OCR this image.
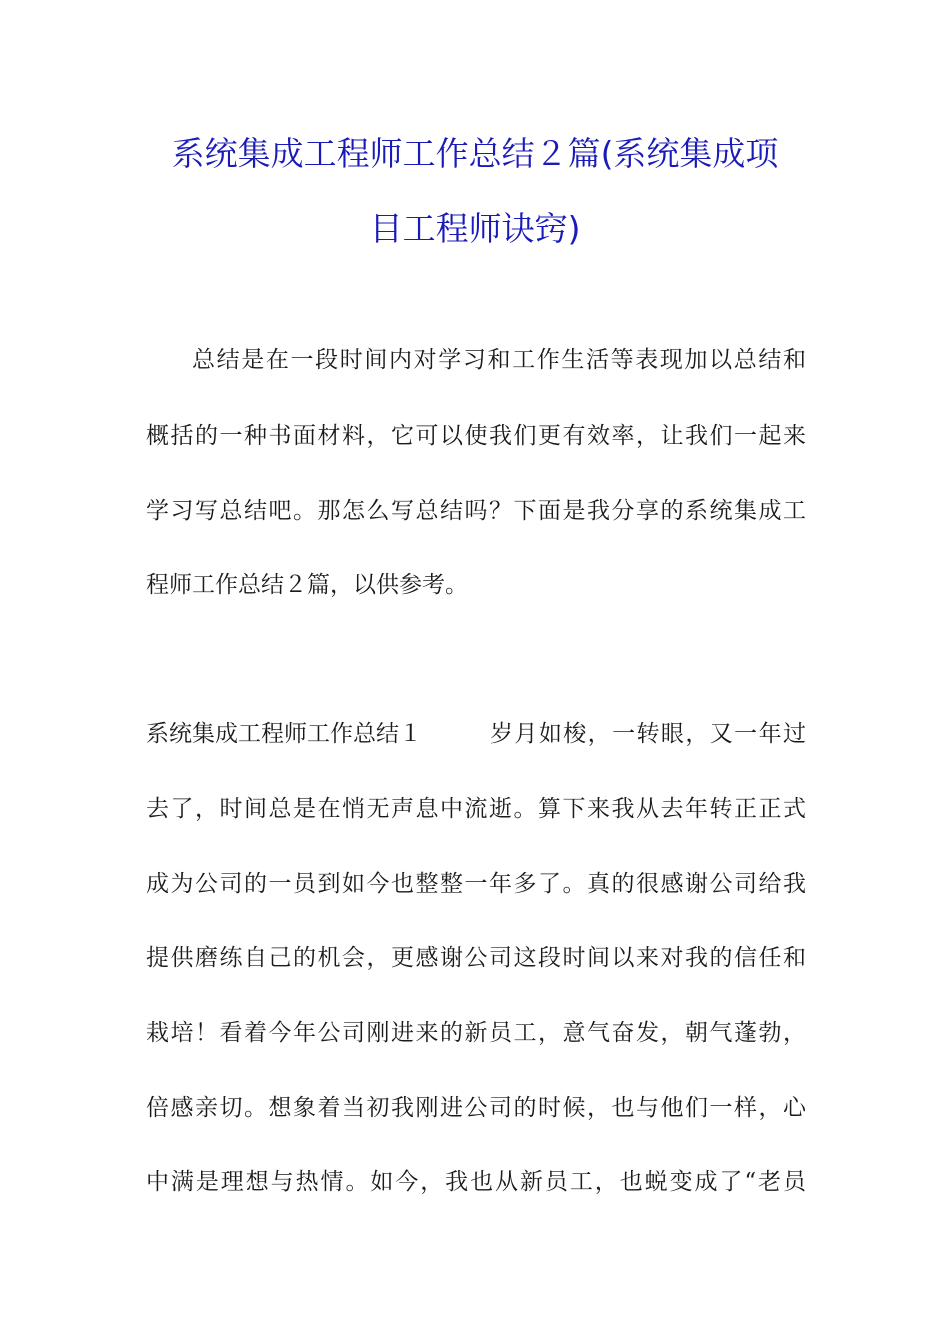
系统集成工程师工作总结２篇(系统集成项
目工程师诀窍)
总结是在一段时间内对学习和工作生活等表现加以总结和
概括的一种书面材料，它可以使我们更有效率，让我们一起来
学习写总结吧。那怎么写总结吗？下面是我分享的系统集成工
程师工作总结２篇，以供参考。
系统集成工程师工作总结１	岁月如梭，一转眼，又一年过
去了，时间总是在悄无声息中流逝。算下来我从去年转正正式
成为公司的一员到如今也整整一年多了。真的很感谢公司给我
提供磨练自己的机会，更感谢公司这段时间以来对我的信任和
栽培！看着今年公司刚进来的新员工，意气奋发，朝气蓬勃，
倍感亲切。想象着当初我刚进公司的时候，也与他们一样，心
中满是理想与热情。如今，我也从新员工，也蜕变成了“老员
